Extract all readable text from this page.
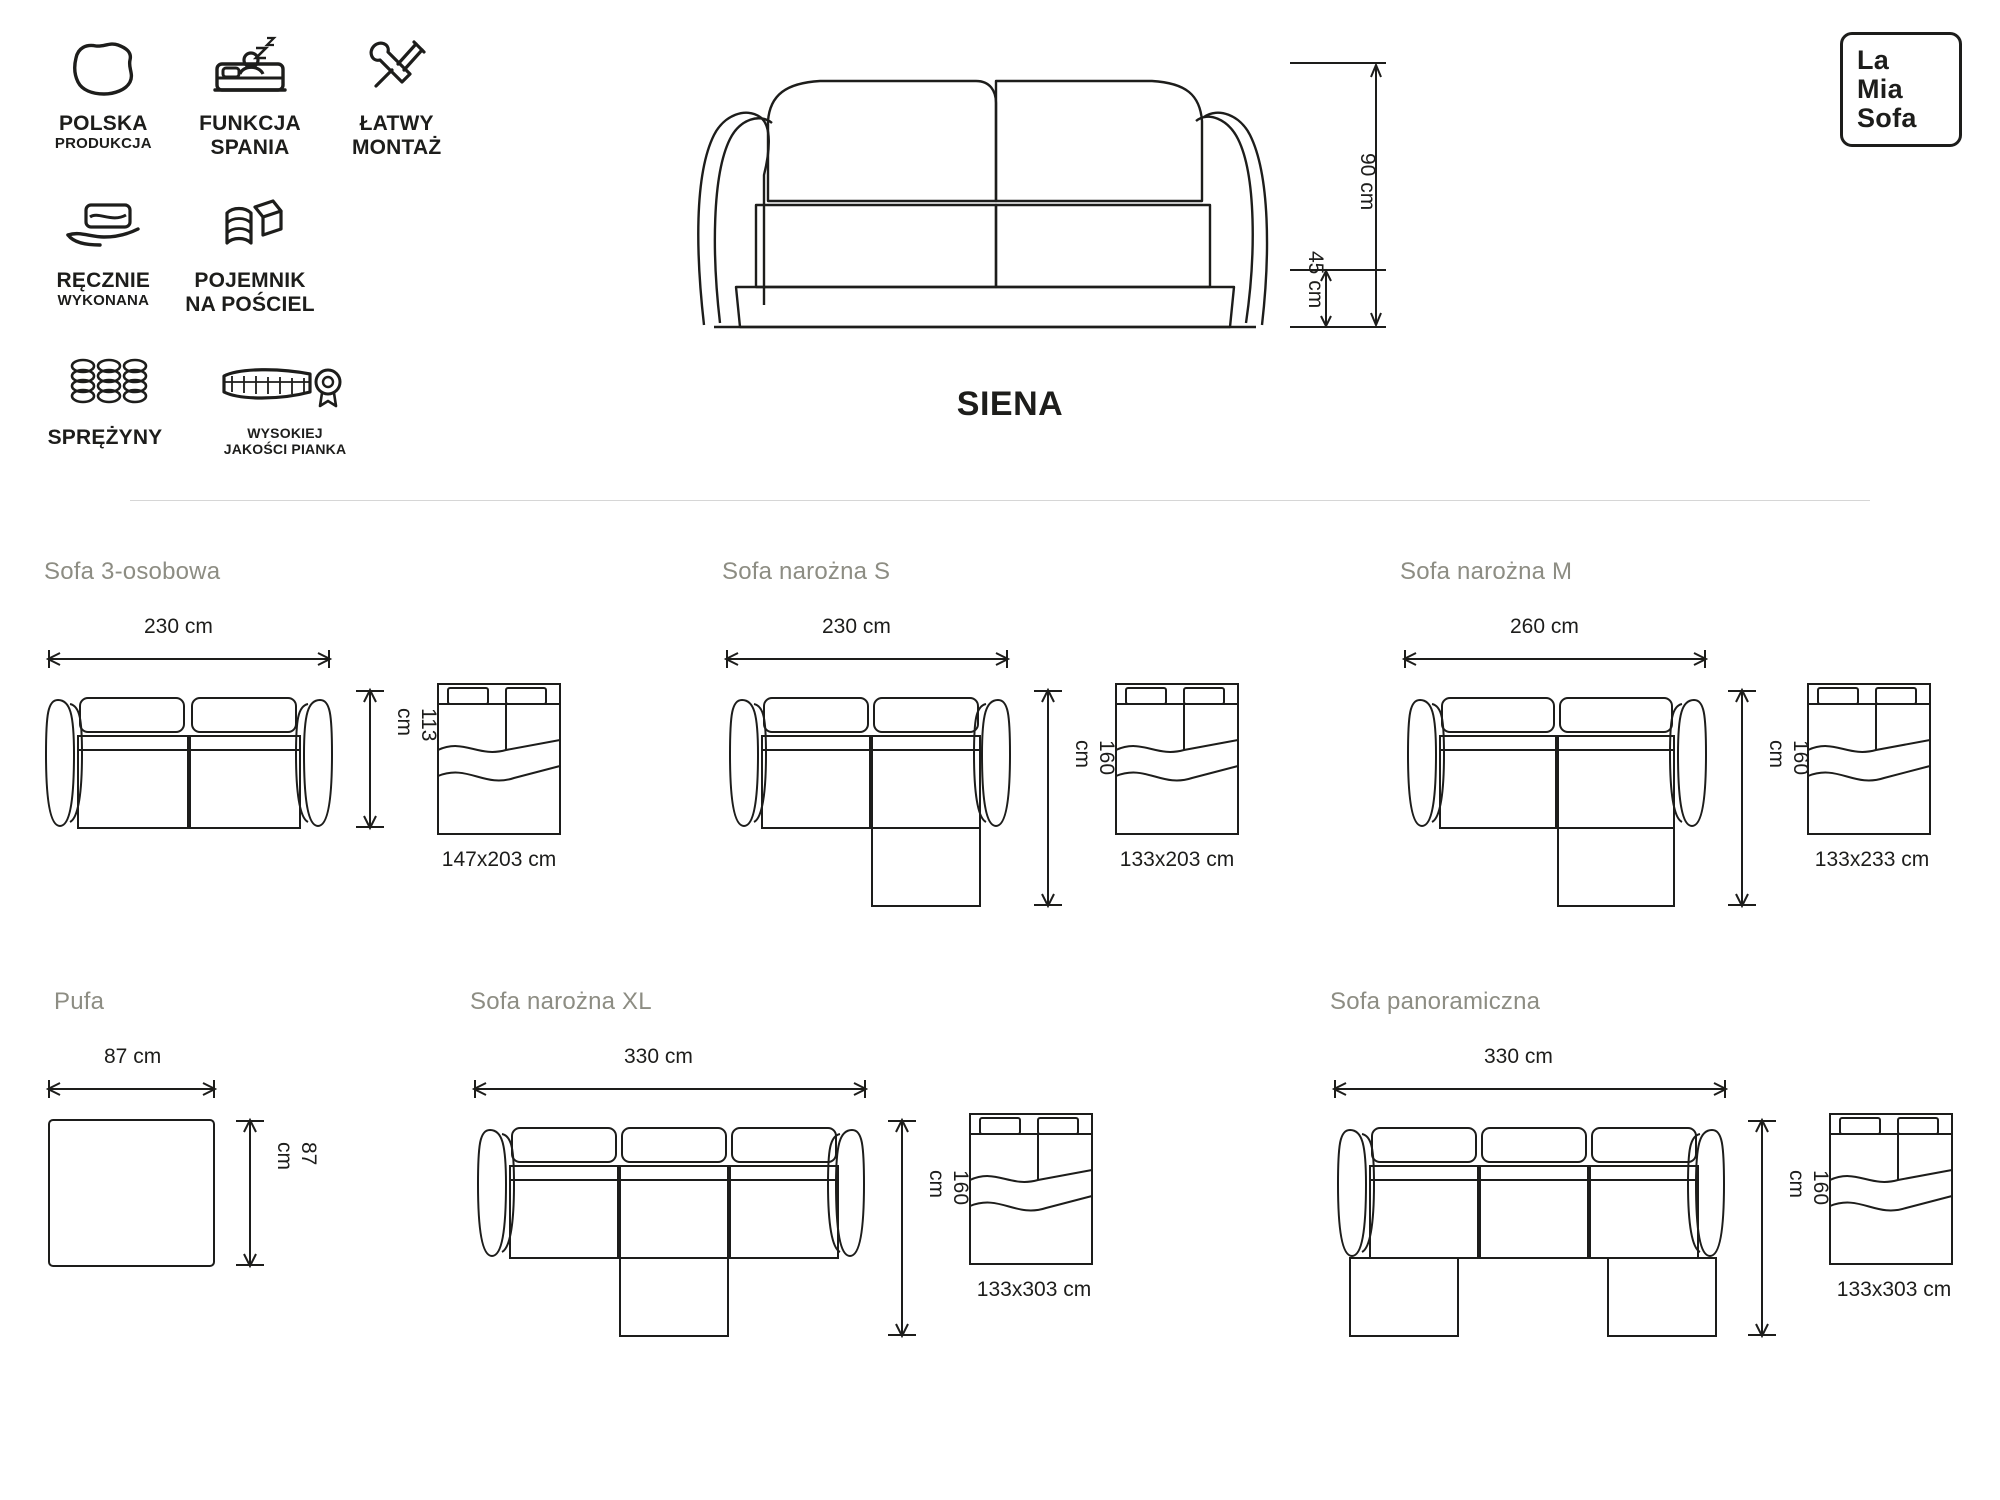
POLSKA
PRODUKCJA
FUNKCJA
SPANIA
ŁATWY
MONTAŻ
RĘCZNIE
WYKONANA
POJEMNIK
NA POŚCIEL
SPRĘŻYNY	WYSOKIEJ
JAKOŚCI PIANKA
La
Mia
Sofa
45 cm
90 cm
SIENA
Sofa 3-osobowa
230 cm
113 cm
147x203 cm
Sofa narożna S
230 cm
160 cm
133x203 cm
Sofa narożna M
260 cm
160 cm
133x233 cm
Pufa
87 cm
87 cm
Sofa narożna XL
330 cm
160 cm
133x303 cm
Sofa panoramiczna
330 cm
160 cm
133x303 cm
